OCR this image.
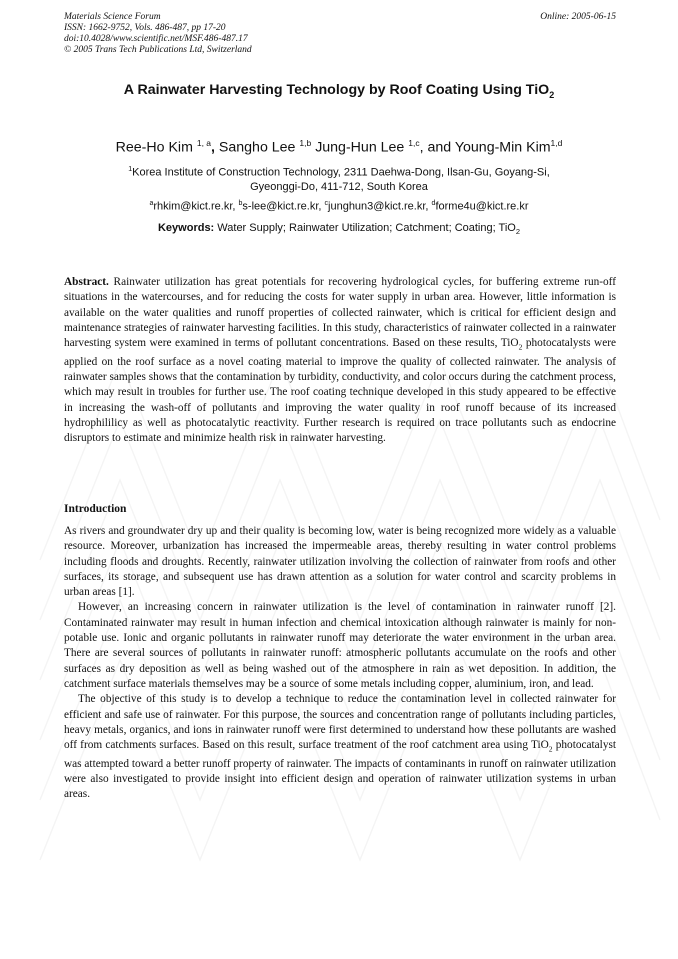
Materials Science Forum
ISSN: 1662-9752, Vols. 486-487, pp 17-20
doi:10.4028/www.scientific.net/MSF.486-487.17
© 2005 Trans Tech Publications Ltd, Switzerland
Online: 2005-06-15
A Rainwater Harvesting Technology by Roof Coating Using TiO$_2$
Ree-Ho Kim $^{1, a}$, Sangho Lee $^{1,b}$ Jung-Hun Lee $^{1,c}$, and Young-Min Kim$^{1,d}$
$^1$Korea Institute of Construction Technology, 2311 Daehwa-Dong, Ilsan-Gu, Goyang-Si,
Gyeonggi-Do, 411-712, South Korea
$^a$rhkim@kict.re.kr, $^b$s-lee@kict.re.kr, $^c$junghun3@kict.re.kr, $^d$forme4u@kict.re.kr
Keywords: Water Supply; Rainwater Utilization; Catchment; Coating; TiO$_2$
Abstract. Rainwater utilization has great potentials for recovering hydrological cycles, for buffering extreme run-off situations in the watercourses, and for reducing the costs for water supply in urban area. However, little information is available on the water qualities and runoff properties of collected rainwater, which is critical for efficient design and maintenance strategies of rainwater harvesting facilities. In this study, characteristics of rainwater collected in a rainwater harvesting system were examined in terms of pollutant concentrations. Based on these results, TiO$_2$ photocatalysts were applied on the roof surface as a novel coating material to improve the quality of collected rainwater. The analysis of rainwater samples shows that the contamination by turbidity, conductivity, and color occurs during the catchment process, which may result in troubles for further use. The roof coating technique developed in this study appeared to be effective in increasing the wash-off of pollutants and improving the water quality in roof runoff because of its increased hydrophililicy as well as photocatalytic reactivity. Further research is required on trace pollutants such as endocrine disruptors to estimate and minimize health risk in rainwater harvesting.
Introduction

As rivers and groundwater dry up and their quality is becoming low, water is being recognized more widely as a valuable resource. Moreover, urbanization has increased the impermeable areas, thereby resulting in water control problems including floods and droughts. Recently, rainwater utilization involving the collection of rainwater from roofs and other surfaces, its storage, and subsequent use has drawn attention as a solution for water control and scarcity problems in urban areas [1].

However, an increasing concern in rainwater utilization is the level of contamination in rainwater runoff [2]. Contaminated rainwater may result in human infection and chemical intoxication although rainwater is mainly for non-potable use. Ionic and organic pollutants in rainwater runoff may deteriorate the water environment in the urban area. There are several sources of pollutants in rainwater runoff: atmospheric pollutants accumulate on the roofs and other surfaces as dry deposition as well as being washed out of the atmosphere in rain as wet deposition. In addition, the catchment surface materials themselves may be a source of some metals including copper, aluminium, iron, and lead.

The objective of this study is to develop a technique to reduce the contamination level in collected rainwater for efficient and safe use of rainwater. For this purpose, the sources and concentration range of pollutants including particles, heavy metals, organics, and ions in rainwater runoff were first determined to understand how these pollutants are washed off from catchments surfaces. Based on this result, surface treatment of the roof catchment area using TiO$_2$ photocatalyst was attempted toward a better runoff property of rainwater. The impacts of contaminants in runoff on rainwater utilization were also investigated to provide insight into efficient design and operation of rainwater utilization systems in urban areas.
